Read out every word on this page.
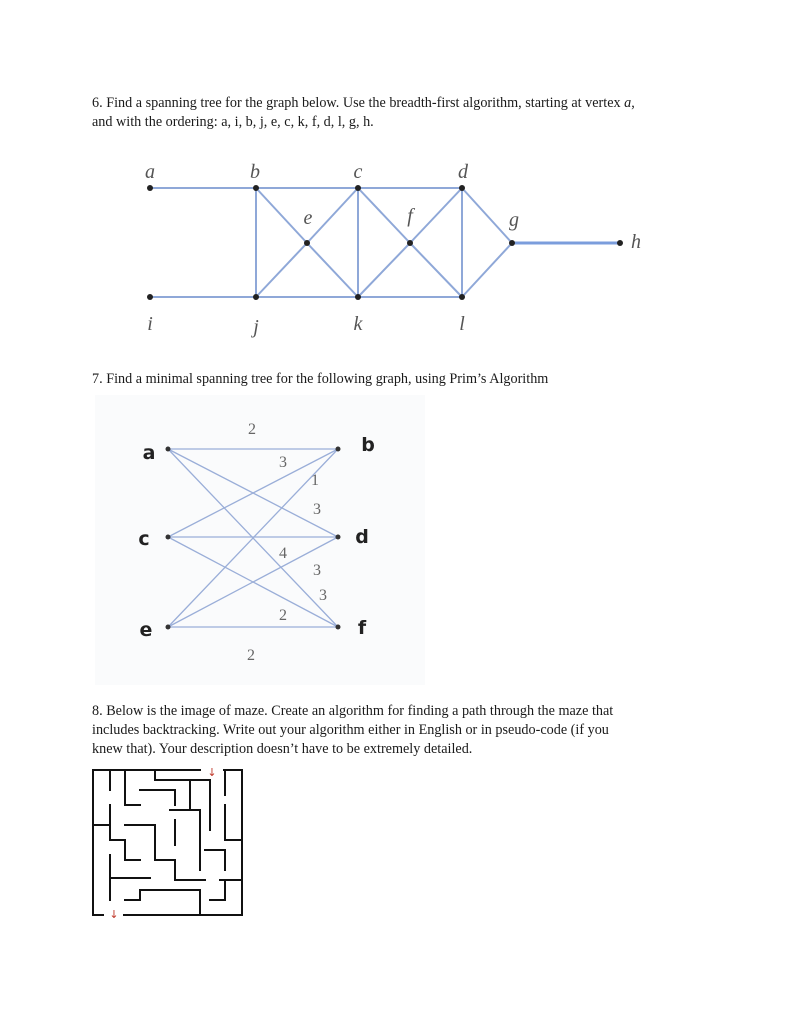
6. Find a spanning tree for the graph below. Use the breadth-first algorithm, starting at vertex a,

and with the ordering: a, i, b, j, e, c, k, f, d, l, g, h.

a	b	c	d
e	f	g
h
i	j	k	l

7. Find a minimal spanning tree for the following graph, using Prim’s Algorithm

2
3
3
1
4
3
3
2
2
a	b
c	d
e	f

8. Below is the image of maze. Create an algorithm for finding a path through the maze that

includes backtracking. Write out your algorithm either in English or in pseudo-code (if you

knew that). Your description doesn’t have to be extremely detailed.

↓
↓
